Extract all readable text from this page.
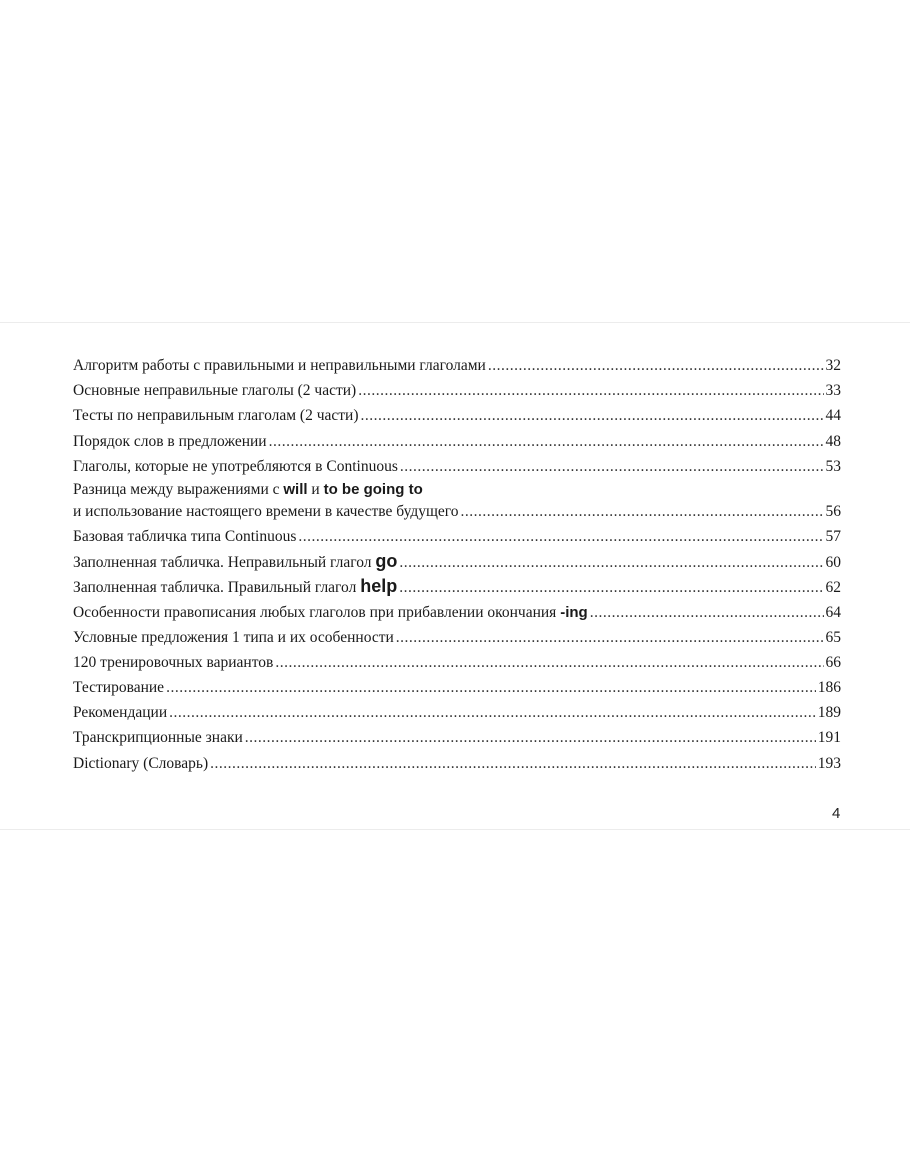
Алгоритм работы с правильными и неправильными глаголами .....	32
Основные неправильные глаголы (2 части) .....	33
Тесты по неправильным глаголам (2 части) .....	44
Порядок слов в предложении .....	48
Глаголы, которые не употребляются в Continuous .....	53
Разница между выражениями с will и to be going to
и использование настоящего времени в качестве будущего .....	56
Базовая табличка типа Continuous .....	57
Заполненная табличка. Неправильный глагол go .....	60
Заполненная табличка. Правильный глагол help .....	62
Особенности правописания любых глаголов при прибавлении окончания -ing .....	64
Условные предложения 1 типа и их особенности .....	65
120 тренировочных вариантов .....	66
Тестирование .....	186
Рекомендации .....	189
Транскрипционные знаки .....	191
Dictionary (Словарь) .....	193
4
